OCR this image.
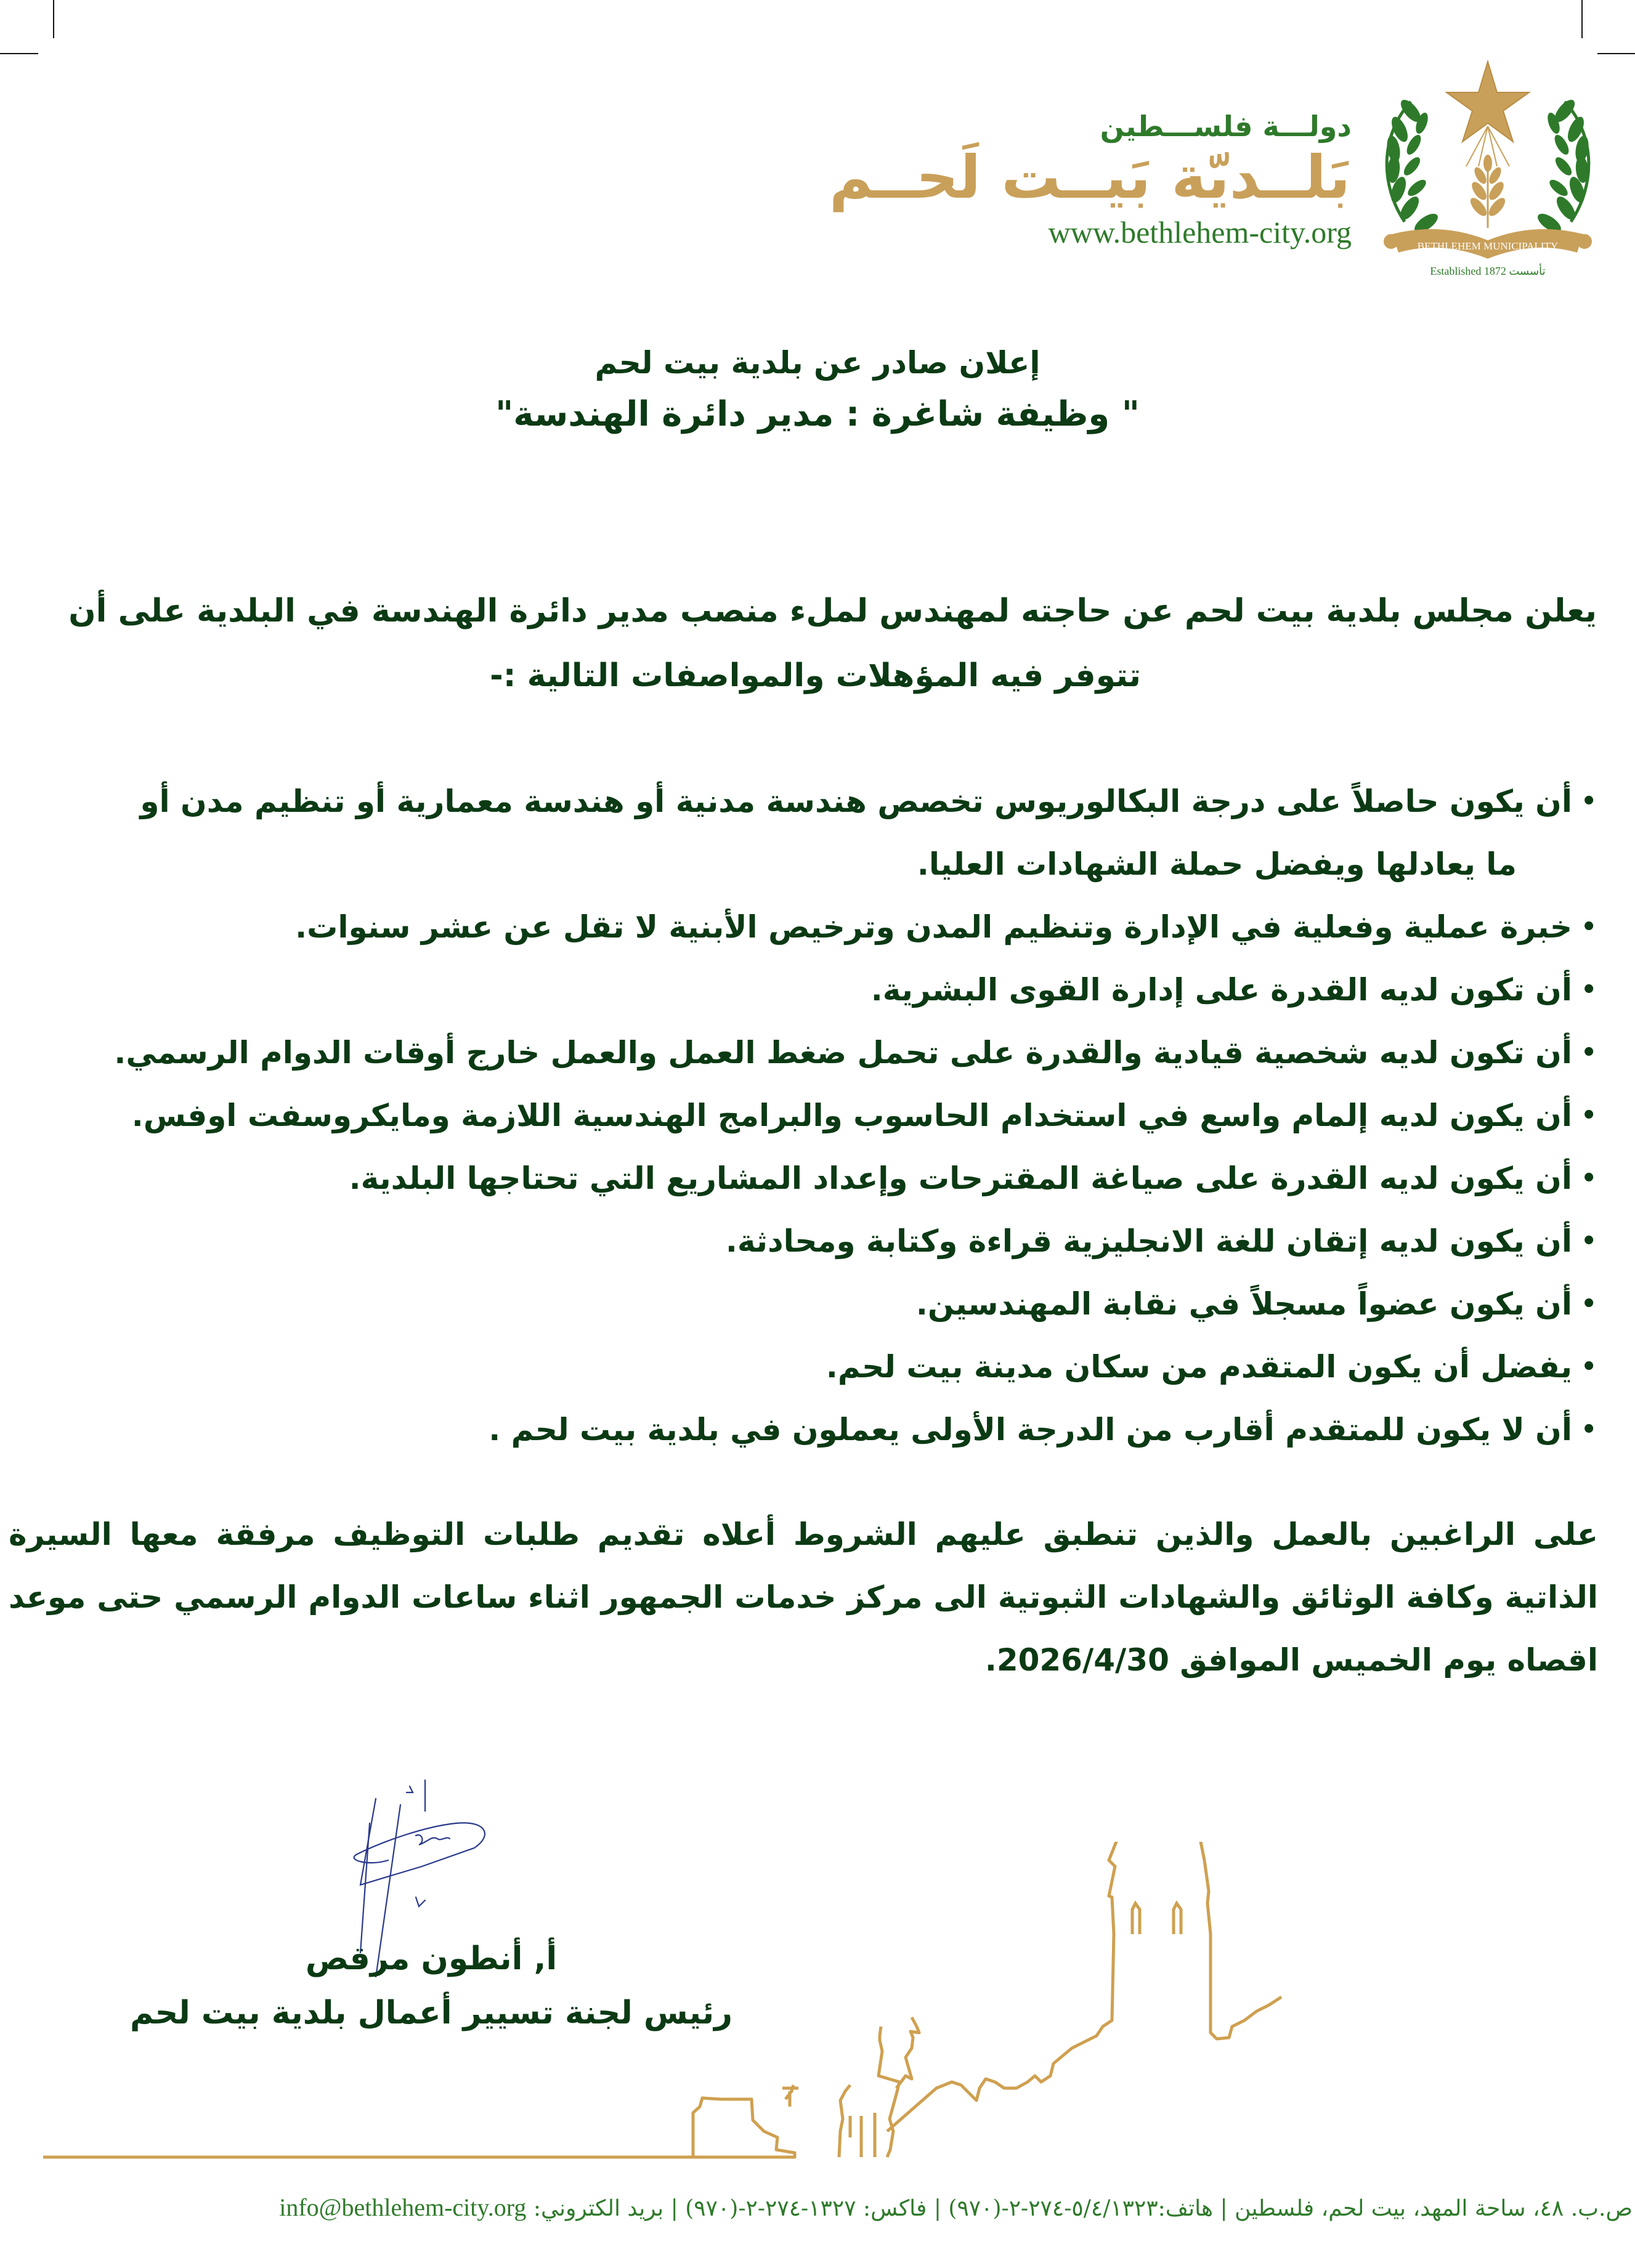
دولـــة فلســـطين
بَلــديّة بَيــت لَحــم
www.bethlehem-city.org	BETHLEHEM MUNICIPALITY
Established 1872 تأسست
إعلان صادر عن بلدية بيت لحم
" وظيفة شاغرة : مدير دائرة الهندسة"
يعلن مجلس بلدية بيت لحم عن حاجته لمهندس لملء منصب مدير دائرة الهندسة في البلدية على أن
تتوفر فيه المؤهلات والمواصفات التالية :-
• أن يكون حاصلاً على درجة البكالوريوس تخصص هندسة مدنية أو هندسة معمارية أو تنظيم مدن أو
ما يعادلها ويفضل حملة الشهادات العليا.
• خبرة عملية وفعلية في الإدارة وتنظيم المدن وترخيص الأبنية لا تقل عن عشر سنوات.
• أن تكون لديه القدرة على إدارة القوى البشرية.
• أن تكون لديه شخصية قيادية والقدرة على تحمل ضغط العمل والعمل خارج أوقات الدوام الرسمي.
• أن يكون لديه إلمام واسع في استخدام الحاسوب والبرامج الهندسية اللازمة ومايكروسفت اوفس.
• أن يكون لديه القدرة على صياغة المقترحات وإعداد المشاريع التي تحتاجها البلدية.
• أن يكون لديه إتقان للغة الانجليزية قراءة وكتابة ومحادثة.
• أن يكون عضواً مسجلاً في نقابة المهندسين.
• يفضل أن يكون المتقدم من سكان مدينة بيت لحم.
• أن لا يكون للمتقدم أقارب من الدرجة الأولى يعملون في بلدية بيت لحم .

على الراغبين بالعمل والذين تنطبق عليهم الشروط أعلاه تقديم طلبات التوظيف مرفقة معها السيرة الذاتية وكافة الوثائق والشهادات الثبوتية الى مركز خدمات الجمهور اثناء ساعات الدوام الرسمي حتى موعد اقصاه يوم الخميس الموافق 2026/4/30.

أ, أنطون مرقص
رئيس لجنة تسيير أعمال بلدية بيت لحم
ص.ب. ٤٨، ساحة المهد، بيت لحم، فلسطين | هاتف:٥/٤/١٣٢٣-٢٧٤-٢-(٩٧٠) | فاكس: ١٣٢٧-٢٧٤-٢-(٩٧٠) | بريد الكتروني: info@bethlehem-city.org
